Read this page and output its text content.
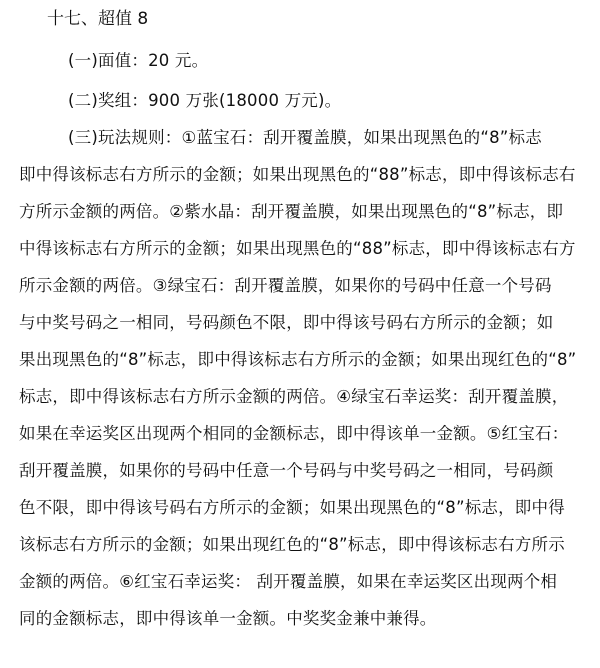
十七、超值 8
(一)面值：20 元。
(二)奖组：900 万张(18000 万元)。
(三)玩法规则：①蓝宝石：刮开覆盖膜，如果出现黑色的“8”标志
即中得该标志右方所示的金额；如果出现黑色的“88”标志，即中得该标志右
方所示金额的两倍。②紫水晶：刮开覆盖膜，如果出现黑色的“8”标志，即
中得该标志右方所示的金额；如果出现黑色的“88”标志，即中得该标志右方
所示金额的两倍。③绿宝石：刮开覆盖膜，如果你的号码中任意一个号码
与中奖号码之一相同，号码颜色不限，即中得该号码右方所示的金额；如
果出现黑色的“8”标志，即中得该标志右方所示的金额；如果出现红色的“8”
标志，即中得该标志右方所示金额的两倍。④绿宝石幸运奖：刮开覆盖膜，
如果在幸运奖区出现两个相同的金额标志，即中得该单一金额。⑤红宝石：
刮开覆盖膜，如果你的号码中任意一个号码与中奖号码之一相同，号码颜
色不限，即中得该号码右方所示的金额；如果出现黑色的“8”标志，即中得
该标志右方所示的金额；如果出现红色的“8”标志，即中得该标志右方所示
金额的两倍。⑥红宝石幸运奖： 刮开覆盖膜，如果在幸运奖区出现两个相
同的金额标志，即中得该单一金额。中奖奖金兼中兼得。
